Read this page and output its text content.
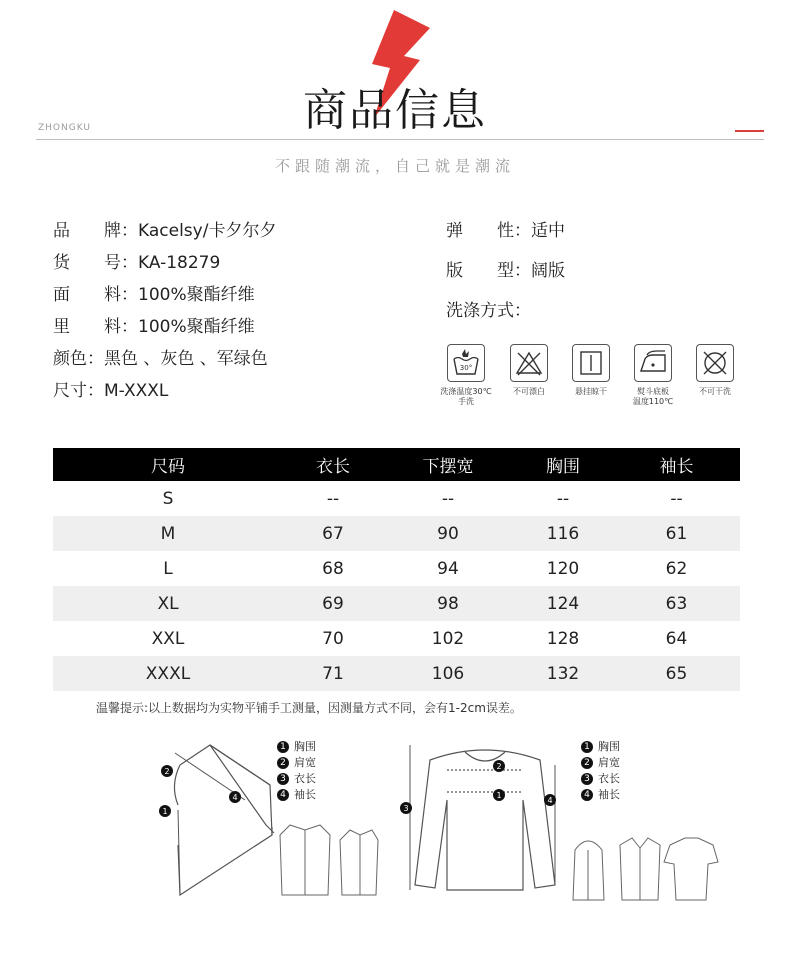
商品信息
ZHONGKU
不跟随潮流，自己就是潮流
品　　牌：Kacelsy/卡夕尔夕
货　　号：KA-18279
面　　料：100%聚酯纤维
里　　料：100%聚酯纤维
颜色：黑色 、灰色 、军绿色
尺寸：M-XXXL
弹　　性：适中
版　　型：阔版
洗涤方式：
30°
洗涤温度30℃
手洗
不可漂白	悬挂晾干	熨斗底板
温度110℃
不可干洗
尺码	衣长	下摆宽	胸围	袖长
S	--	--	--	--
M	67	90	116	61
L	68	94	120	62
XL	69	98	124	63
XXL	70	102	128	64
XXXL	71	106	132	65
温馨提示:以上数据均为实物平铺手工测量，因测量方式不同，会有1-2cm误差。
2
1
4
1 胸围
2 肩宽
3 衣长
4 袖长
3
2
1
4
1 胸围
2 肩宽
3 衣长
4 袖长
